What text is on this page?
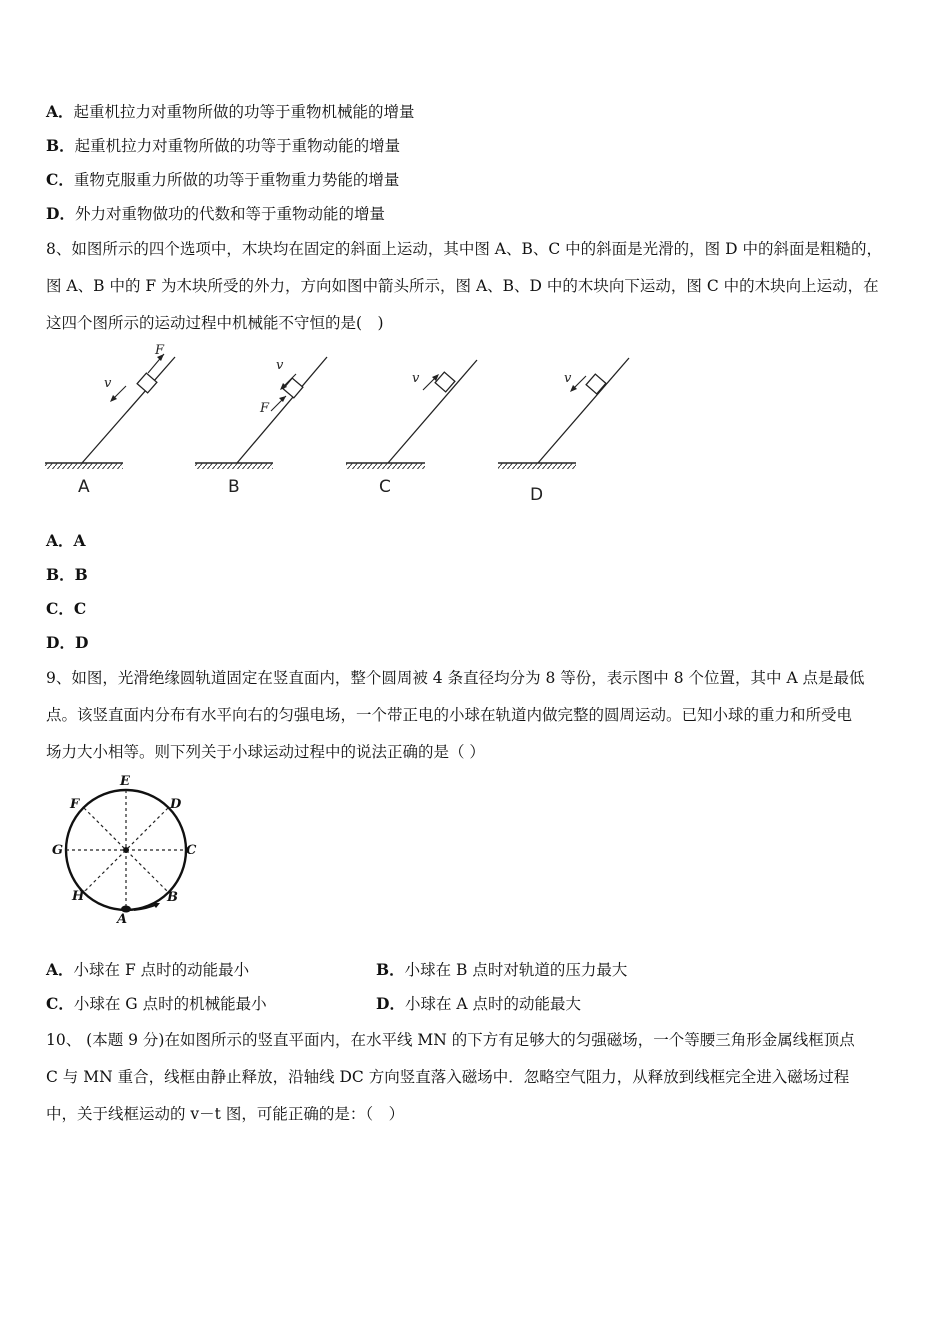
A．起重机拉力对重物所做的功等于重物机械能的增量
B．起重机拉力对重物所做的功等于重物动能的增量
C．重物克服重力所做的功等于重物重力势能的增量
D．外力对重物做功的代数和等于重物动能的增量
8、如图所示的四个选项中，木块均在固定的斜面上运动，其中图 A、B、C 中的斜面是光滑的，图 D 中的斜面是粗糙的，
图 A、B 中的 F 为木块所受的外力，方向如图中箭头所示，图 A、B、D 中的木块向下运动，图 C 中的木块向上运动，在
这四个图所示的运动过程中机械能不守恒的是(　)
F
v
A
F
v
B
v
C
v
D
A．A
B．B
C．C
D．D
9、如图，光滑绝缘圆轨道固定在竖直面内，整个圆周被 4 条直径均分为 8 等份，表示图中 8 个位置，其中 A 点是最低
点。该竖直面内分布有水平向右的匀强电场，一个带正电的小球在轨道内做完整的圆周运动。已知小球的重力和所受电
场力大小相等。则下列关于小球运动过程中的说法正确的是（ ）
E
D
C
B
A
H
G
F
A．小球在 F 点时的动能最小	B．小球在 B 点时对轨道的压力最大
C．小球在 G 点时的机械能最小	D．小球在 A 点时的动能最大
10、 (本题 9 分)在如图所示的竖直平面内，在水平线 MN 的下方有足够大的匀强磁场，一个等腰三角形金属线框顶点
C 与 MN 重合，线框由静止释放，沿轴线 DC 方向竖直落入磁场中．忽略空气阻力，从释放到线框完全进入磁场过程
中，关于线框运动的 v－t 图，可能正确的是：（　）
